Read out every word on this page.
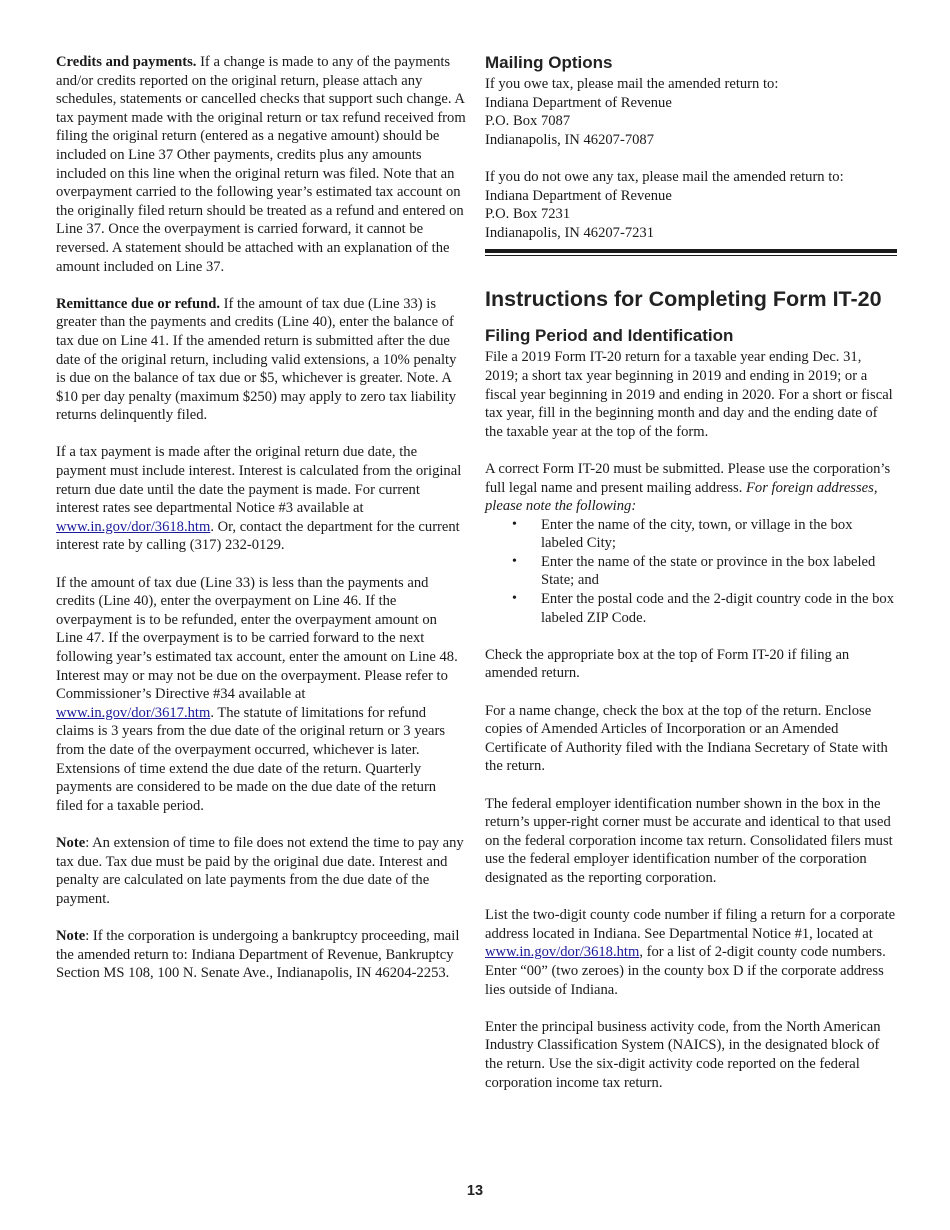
Credits and payments. If a change is made to any of the payments and/or credits reported on the original return, please attach any schedules, statements or cancelled checks that support such change. A tax payment made with the original return or tax refund received from filing the original return (entered as a negative amount) should be included on Line 37 Other payments, credits plus any amounts included on this line when the original return was filed. Note that an overpayment carried to the following year’s estimated tax account on the originally filed return should be treated as a refund and entered on Line 37. Once the overpayment is carried forward, it cannot be reversed. A statement should be attached with an explanation of the amount included on Line 37.

Remittance due or refund. If the amount of tax due (Line 33) is greater than the payments and credits (Line 40), enter the balance of tax due on Line 41. If the amended return is submitted after the due date of the original return, including valid extensions, a 10% penalty is due on the balance of tax due or $5, whichever is greater. Note. A $10 per day penalty (maximum $250) may apply to zero tax liability returns delinquently filed.

If a tax payment is made after the original return due date, the payment must include interest. Interest is calculated from the original return due date until the date the payment is made. For current interest rates see departmental Notice #3 available at www.in.gov/dor/3618.htm. Or, contact the department for the current interest rate by calling (317) 232-0129.

If the amount of tax due (Line 33) is less than the payments and credits (Line 40), enter the overpayment on Line 46. If the overpayment is to be refunded, enter the overpayment amount on Line 47. If the overpayment is to be carried forward to the next following year’s estimated tax account, enter the amount on Line 48. Interest may or may not be due on the overpayment. Please refer to Commissioner’s Directive #34 available at www.in.gov/dor/3617.htm. The statute of limitations for refund claims is 3 years from the due date of the original return or 3 years from the date of the overpayment occurred, whichever is later. Extensions of time extend the due date of the return. Quarterly payments are considered to be made on the due date of the return filed for a taxable period.

Note: An extension of time to file does not extend the time to pay any tax due. Tax due must be paid by the original due date. Interest and penalty are calculated on late payments from the due date of the payment.

Note: If the corporation is undergoing a bankruptcy proceeding, mail the amended return to: Indiana Department of Revenue, Bankruptcy Section MS 108, 100 N. Senate Ave., Indianapolis, IN 46204-2253.

Mailing Options
If you owe tax, please mail the amended return to:
Indiana Department of Revenue
P.O. Box 7087
Indianapolis, IN 46207-7087
If you do not owe any tax, please mail the amended return to:
Indiana Department of Revenue
P.O. Box 7231
Indianapolis, IN 46207-7231
Instructions for Completing Form IT-20
Filing Period and Identification

File a 2019 Form IT-20 return for a taxable year ending Dec. 31, 2019; a short tax year beginning in 2019 and ending in 2019; or a fiscal year beginning in 2019 and ending in 2020. For a short or fiscal tax year, fill in the beginning month and day and the ending date of the taxable year at the top of the form.

A correct Form IT-20 must be submitted. Please use the corporation’s full legal name and present mailing address. For foreign addresses, please note the following:

• Enter the name of the city, town, or village in the box labeled City;
• Enter the name of the state or province in the box labeled State; and
• Enter the postal code and the 2-digit country code in the box labeled ZIP Code.

Check the appropriate box at the top of Form IT-20 if filing an amended return.

For a name change, check the box at the top of the return. Enclose copies of Amended Articles of Incorporation or an Amended Certificate of Authority filed with the Indiana Secretary of State with the return.

The federal employer identification number shown in the box in the return’s upper-right corner must be accurate and identical to that used on the federal corporation income tax return. Consolidated filers must use the federal employer identification number of the corporation designated as the reporting corporation.

List the two-digit county code number if filing a return for a corporate address located in Indiana. See Departmental Notice #1, located at www.in.gov/dor/3618.htm, for a list of 2-digit county code numbers. Enter “00” (two zeroes) in the county box D if the corporate address lies outside of Indiana.

Enter the principal business activity code, from the North American Industry Classification System (NAICS), in the designated block of the return. Use the six-digit activity code reported on the federal corporation income tax return.

13
